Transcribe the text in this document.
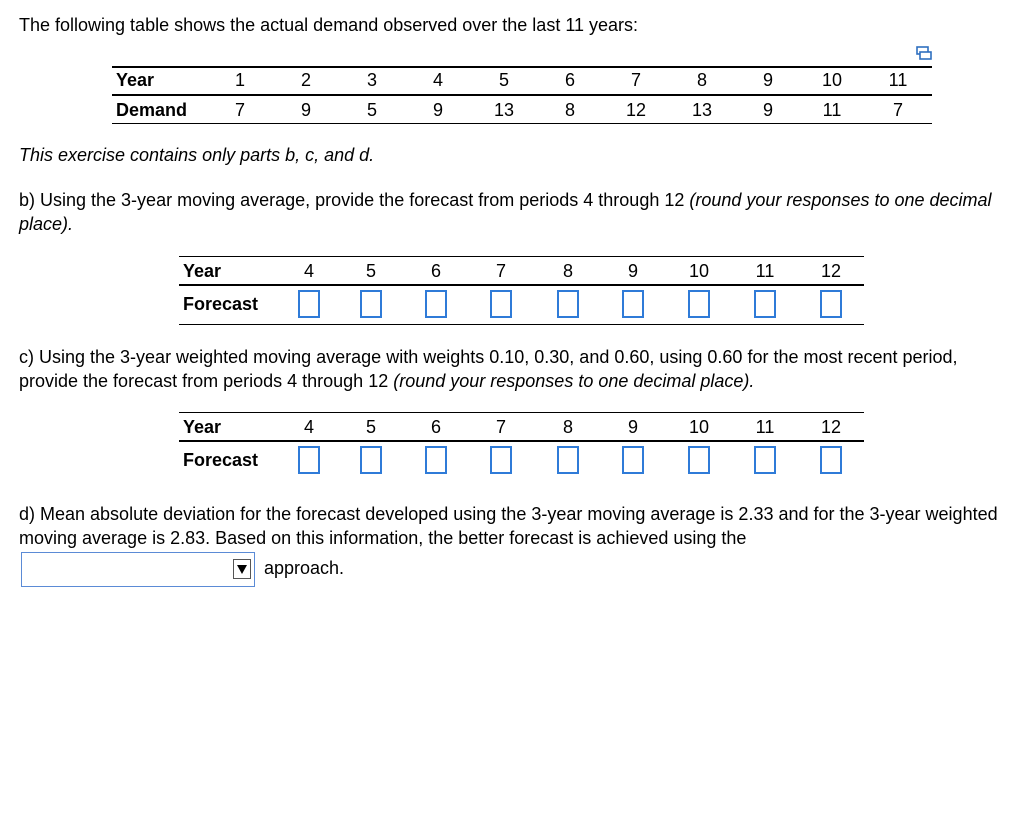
The following table shows the actual demand observed over the last 11 years:
Year	1	2	3	4	5	6	7	8	9	10	11
Demand	7	9	5	9	13	8	12	13	9	11	7
This exercise contains only parts b, c, and d.
b) Using the 3-year moving average, provide the forecast from periods 4 through 12 (round your responses to one decimal place).
Year	4	5	6	7	8	9	10	11	12
Forecast
c) Using the 3-year weighted moving average with weights 0.10, 0.30, and 0.60, using 0.60 for the most recent period, provide the forecast from periods 4 through 12 (round your responses to one decimal place).
Year	4	5	6	7	8	9	10	11	12
Forecast
d) Mean absolute deviation for the forecast developed using the 3-year moving average is 2.33 and for the 3-year weighted moving average is 2.83. Based on this information, the better forecast is achieved using the
approach.
